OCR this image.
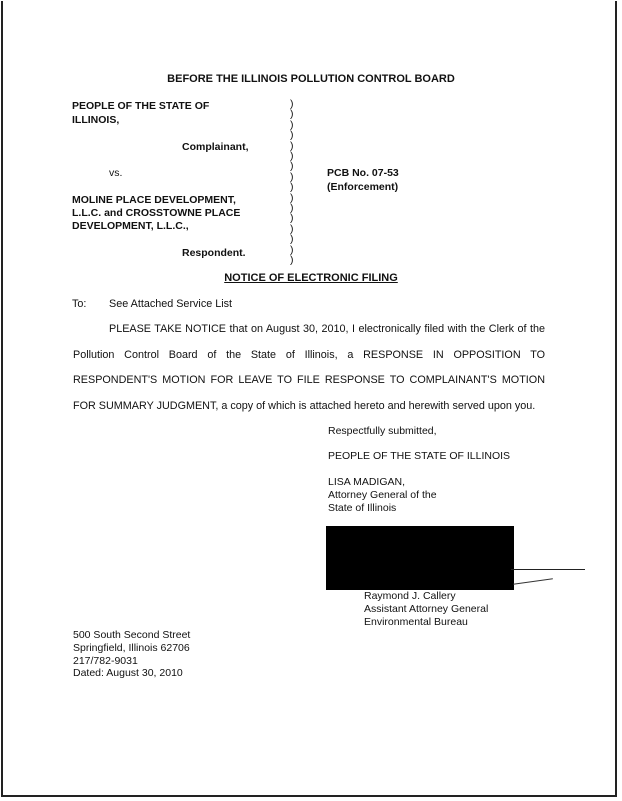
BEFORE THE ILLINOIS POLLUTION CONTROL BOARD
PEOPLE OF THE STATE OF
ILLINOIS,
Complainant,
vs.
MOLINE PLACE DEVELOPMENT,
L.L.C. and CROSSTOWNE PLACE
DEVELOPMENT, L.L.C.,
Respondent.
)
)
)
)
)
)
)
)
)
)
)
)
)
)
)
)
PCB No. 07-53
(Enforcement)
NOTICE OF ELECTRONIC FILING
To: See Attached Service List
PLEASE TAKE NOTICE that on August 30, 2010, I electronically filed with the Clerk of the
Pollution Control Board of the State of Illinois, a RESPONSE IN OPPOSITION TO
RESPONDENT'S MOTION FOR LEAVE TO FILE RESPONSE TO COMPLAINANT'S MOTION
FOR SUMMARY JUDGMENT, a copy of which is attached hereto and herewith served upon you.
Respectfully submitted,
PEOPLE OF THE STATE OF ILLINOIS
LISA MADIGAN,
Attorney General of the
State of Illinois
Raymond J. Callery
Assistant Attorney General
Environmental Bureau
500 South Second Street
Springfield, Illinois 62706
217/782-9031
Dated: August 30, 2010
